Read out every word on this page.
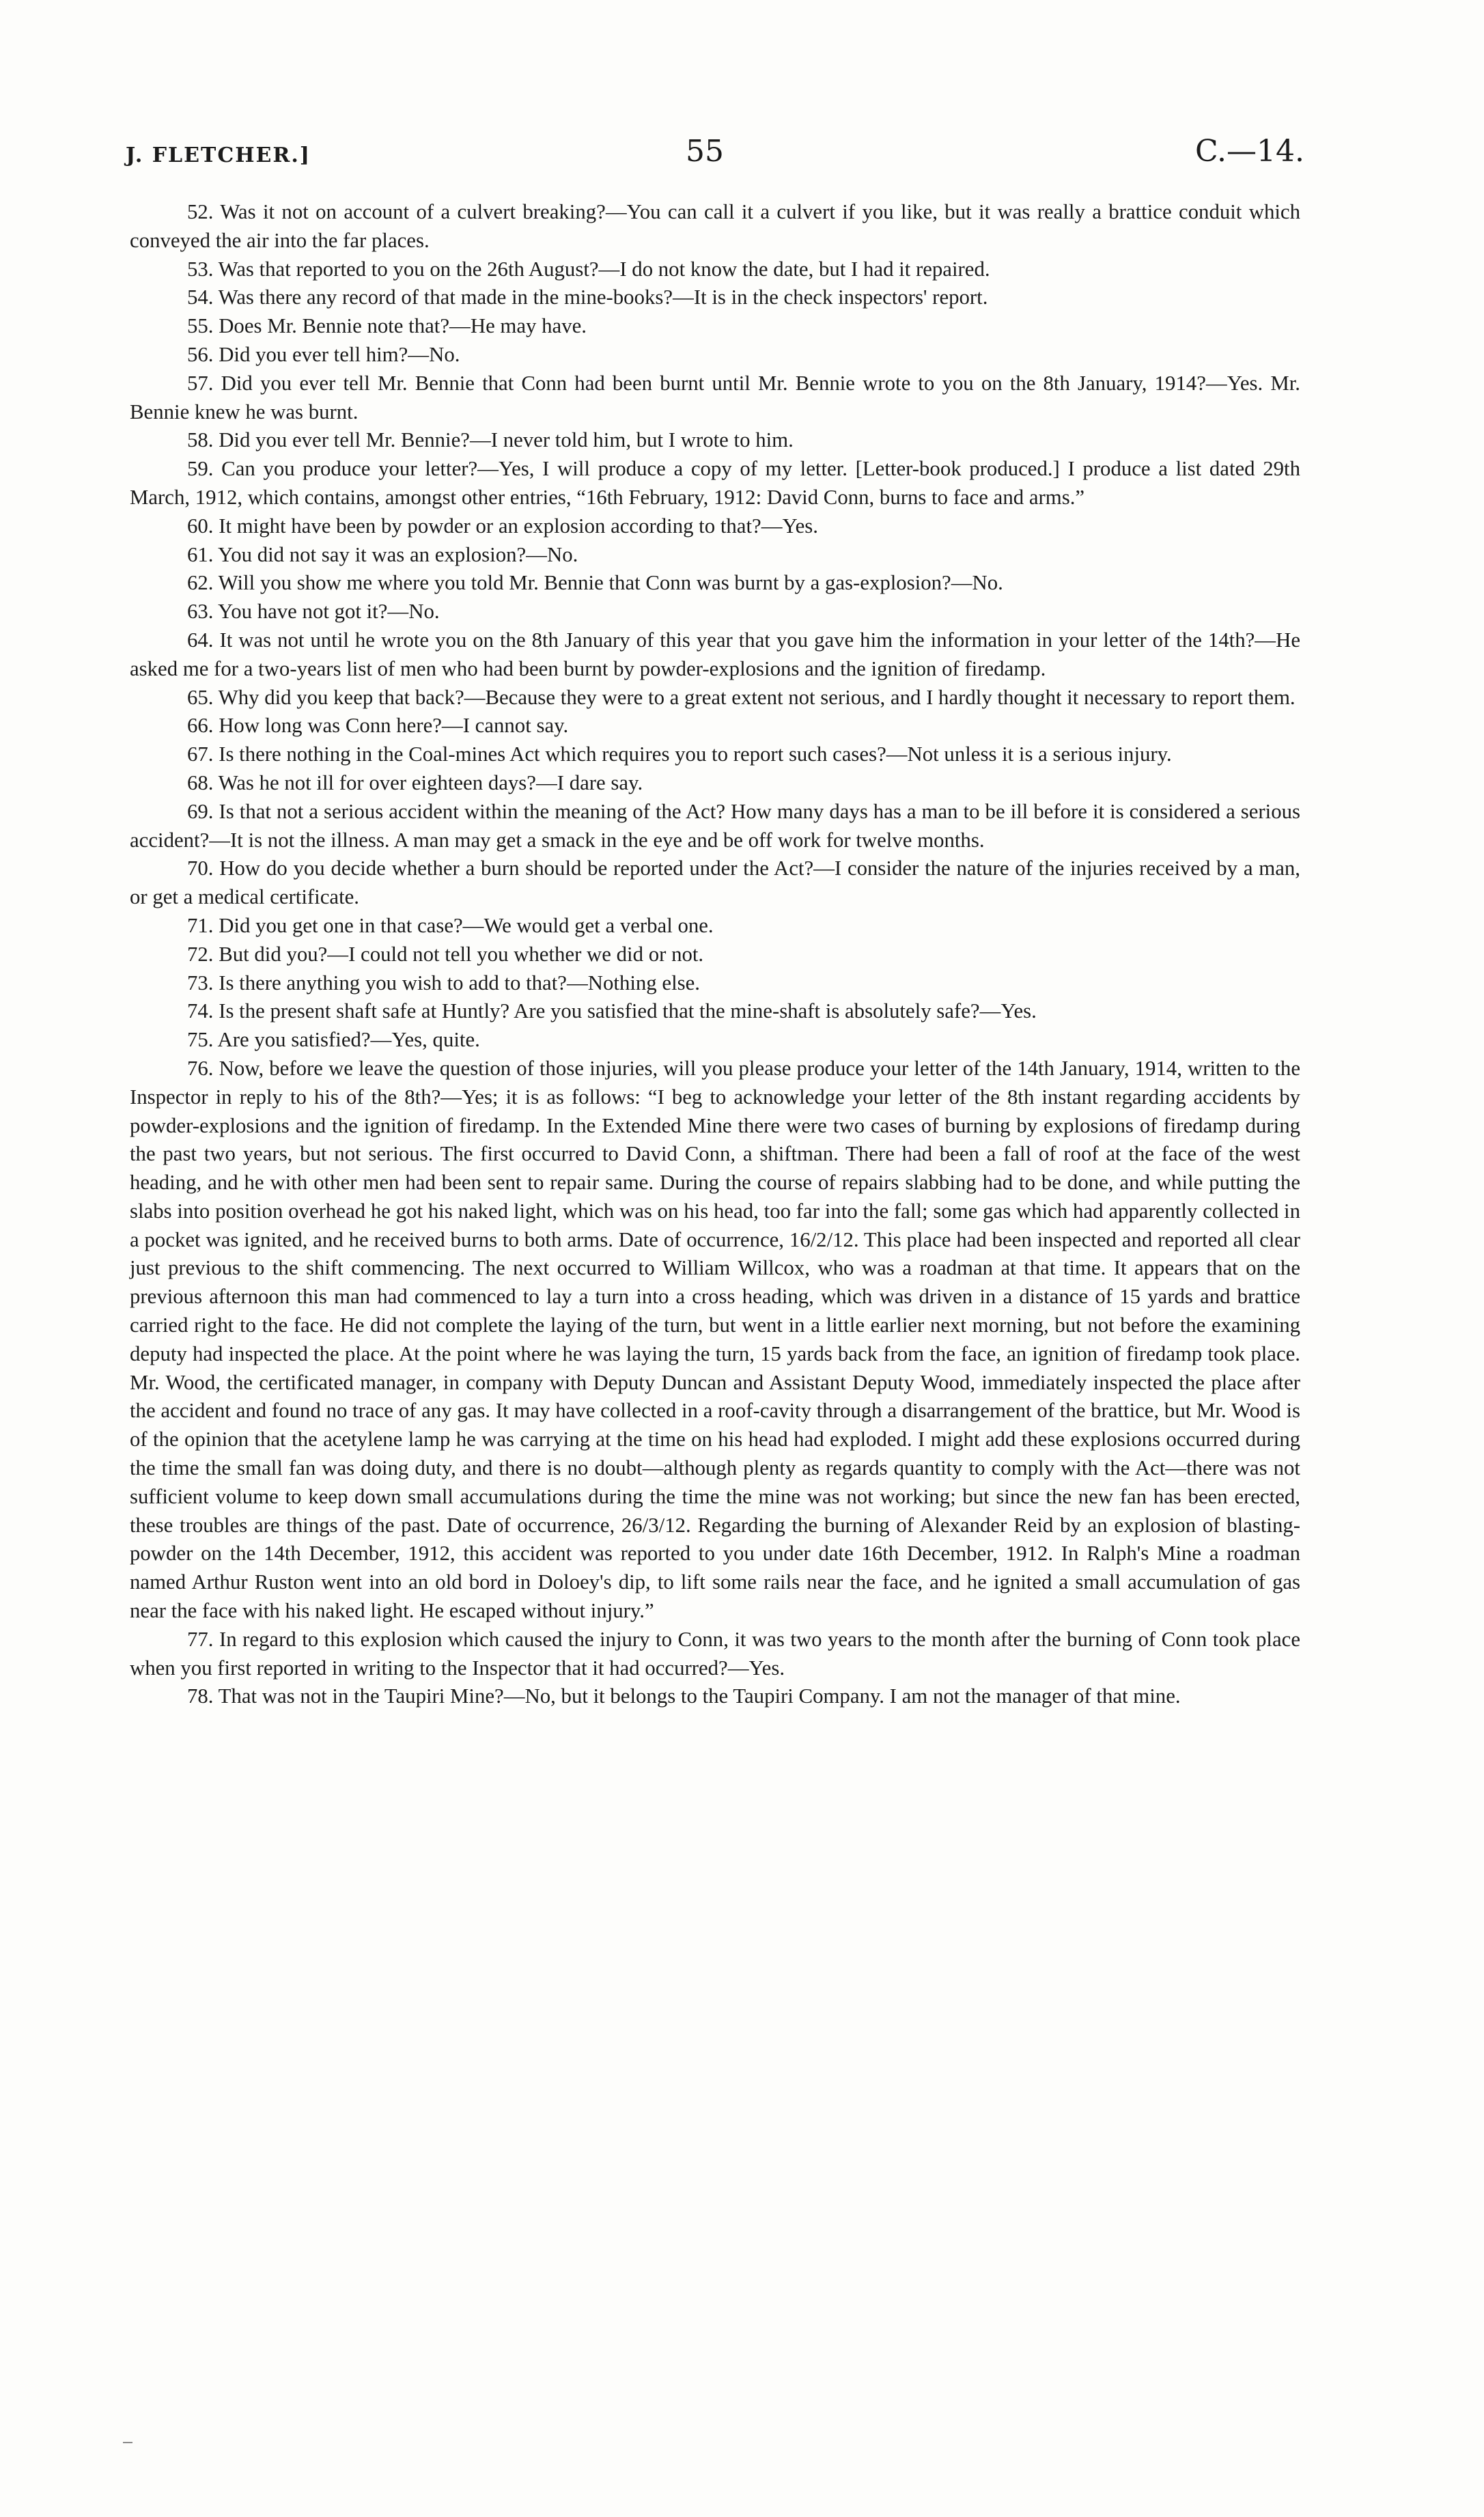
J. FLETCHER.]	55	C.—14.

52. Was it not on account of a culvert breaking?—You can call it a culvert if you like, but it was really a brattice conduit which conveyed the air into the far places.

53. Was that reported to you on the 26th August?—I do not know the date, but I had it repaired.

54. Was there any record of that made in the mine-books?—It is in the check inspectors' report.

55. Does Mr. Bennie note that?—He may have.

56. Did you ever tell him?—No.

57. Did you ever tell Mr. Bennie that Conn had been burnt until Mr. Bennie wrote to you on the 8th January, 1914?—Yes. Mr. Bennie knew he was burnt.

58. Did you ever tell Mr. Bennie?—I never told him, but I wrote to him.

59. Can you produce your letter?—Yes, I will produce a copy of my letter. [Letter-book produced.] I produce a list dated 29th March, 1912, which contains, amongst other entries, “16th February, 1912: David Conn, burns to face and arms.”

60. It might have been by powder or an explosion according to that?—Yes.

61. You did not say it was an explosion?—No.

62. Will you show me where you told Mr. Bennie that Conn was burnt by a gas-explosion?—No.

63. You have not got it?—No.

64. It was not until he wrote you on the 8th January of this year that you gave him the information in your letter of the 14th?—He asked me for a two-years list of men who had been burnt by powder-explosions and the ignition of firedamp.

65. Why did you keep that back?—Because they were to a great extent not serious, and I hardly thought it necessary to report them.

66. How long was Conn here?—I cannot say.

67. Is there nothing in the Coal-mines Act which requires you to report such cases?—Not unless it is a serious injury.

68. Was he not ill for over eighteen days?—I dare say.

69. Is that not a serious accident within the meaning of the Act? How many days has a man to be ill before it is considered a serious accident?—It is not the illness. A man may get a smack in the eye and be off work for twelve months.

70. How do you decide whether a burn should be reported under the Act?—I consider the nature of the injuries received by a man, or get a medical certificate.

71. Did you get one in that case?—We would get a verbal one.

72. But did you?—I could not tell you whether we did or not.

73. Is there anything you wish to add to that?—Nothing else.

74. Is the present shaft safe at Huntly? Are you satisfied that the mine-shaft is absolutely safe?—Yes.

75. Are you satisfied?—Yes, quite.

76. Now, before we leave the question of those injuries, will you please produce your letter of the 14th January, 1914, written to the Inspector in reply to his of the 8th?—Yes; it is as follows: “I beg to acknowledge your letter of the 8th instant regarding accidents by powder-explosions and the ignition of firedamp. In the Extended Mine there were two cases of burning by explosions of firedamp during the past two years, but not serious. The first occurred to David Conn, a shiftman. There had been a fall of roof at the face of the west heading, and he with other men had been sent to repair same. During the course of repairs slabbing had to be done, and while putting the slabs into position overhead he got his naked light, which was on his head, too far into the fall; some gas which had apparently collected in a pocket was ignited, and he received burns to both arms. Date of occurrence, 16/2/12. This place had been inspected and reported all clear just previous to the shift commencing. The next occurred to William Willcox, who was a roadman at that time. It appears that on the previous afternoon this man had commenced to lay a turn into a cross heading, which was driven in a distance of 15 yards and brattice carried right to the face. He did not complete the laying of the turn, but went in a little earlier next morning, but not before the examining deputy had inspected the place. At the point where he was laying the turn, 15 yards back from the face, an ignition of firedamp took place. Mr. Wood, the certificated manager, in company with Deputy Duncan and Assistant Deputy Wood, immediately inspected the place after the accident and found no trace of any gas. It may have collected in a roof-cavity through a disarrangement of the brattice, but Mr. Wood is of the opinion that the acetylene lamp he was carrying at the time on his head had exploded. I might add these explosions occurred during the time the small fan was doing duty, and there is no doubt—although plenty as regards quantity to comply with the Act—there was not sufficient volume to keep down small accumulations during the time the mine was not working; but since the new fan has been erected, these troubles are things of the past. Date of occurrence, 26/3/12. Regarding the burning of Alexander Reid by an explosion of blasting-powder on the 14th December, 1912, this accident was reported to you under date 16th December, 1912. In Ralph's Mine a roadman named Arthur Ruston went into an old bord in Doloey's dip, to lift some rails near the face, and he ignited a small accumulation of gas near the face with his naked light. He escaped without injury.”

77. In regard to this explosion which caused the injury to Conn, it was two years to the month after the burning of Conn took place when you first reported in writing to the Inspector that it had occurred?—Yes.

78. That was not in the Taupiri Mine?—No, but it belongs to the Taupiri Company. I am not the manager of that mine.
